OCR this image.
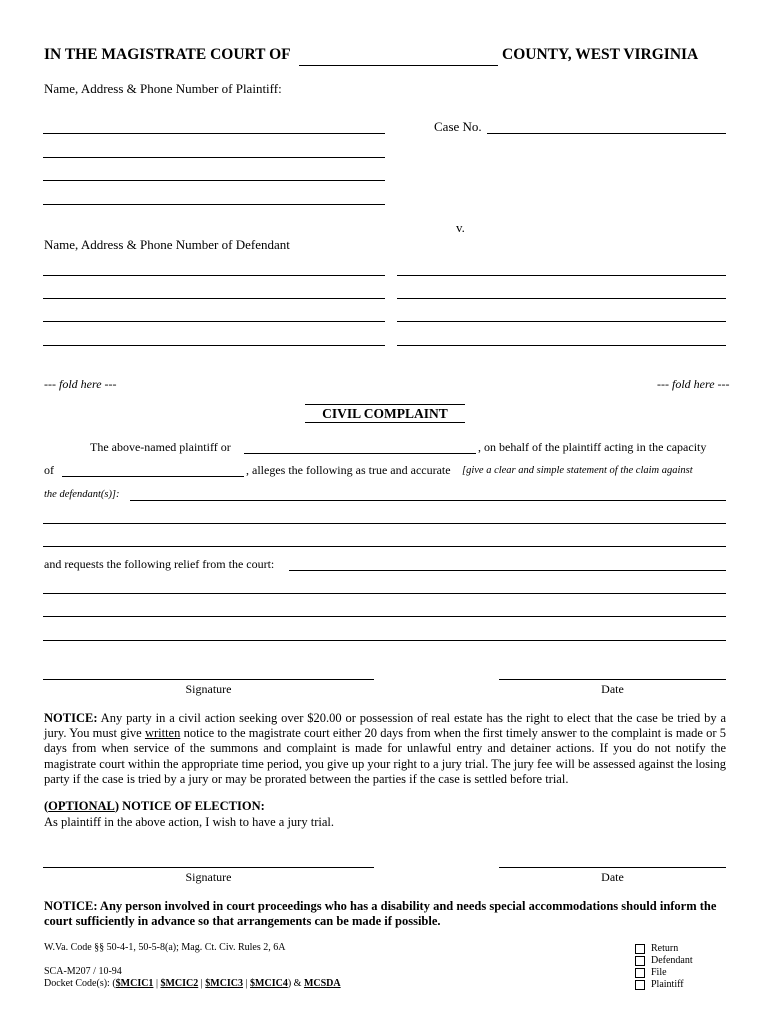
IN THE MAGISTRATE COURT OF	COUNTY, WEST VIRGINIA
Name, Address & Phone Number of Plaintiff:
Case No.
v.
Name, Address & Phone Number of Defendant
--- fold here ---	--- fold here ---
CIVIL COMPLAINT
The above-named plaintiff or	, on behalf of the plaintiff acting in the capacity
of	, alleges the following as true and accurate [give a clear and simple statement of the claim against
the defendant(s)]:
and requests the following relief from the court:
Signature	Date
NOTICE: Any party in a civil action seeking over $20.00 or possession of real estate has the right to elect that the case be tried by a jury. You must give written notice to the magistrate court either 20 days from when the first timely answer to the complaint is made or 5 days from when service of the summons and complaint is made for unlawful entry and detainer actions. If you do not notify the magistrate court within the appropriate time period, you give up your right to a jury trial. The jury fee will be assessed against the losing party if the case is tried by a jury or may be prorated between the parties if the case is settled before trial.
(OPTIONAL) NOTICE OF ELECTION:
As plaintiff in the above action, I wish to have a jury trial.
Signature	Date
NOTICE: Any person involved in court proceedings who has a disability and needs special accommodations should inform the court sufficiently in advance so that arrangements can be made if possible.
W.Va. Code §§ 50-4-1, 50-5-8(a); Mag. Ct. Civ. Rules 2, 6A
SCA-M207 / 10-94
Docket Code(s): ($MCIC1 | $MCIC2 | $MCIC3 | $MCIC4) & MCSDA
Return
Defendant
File
Plaintiff
